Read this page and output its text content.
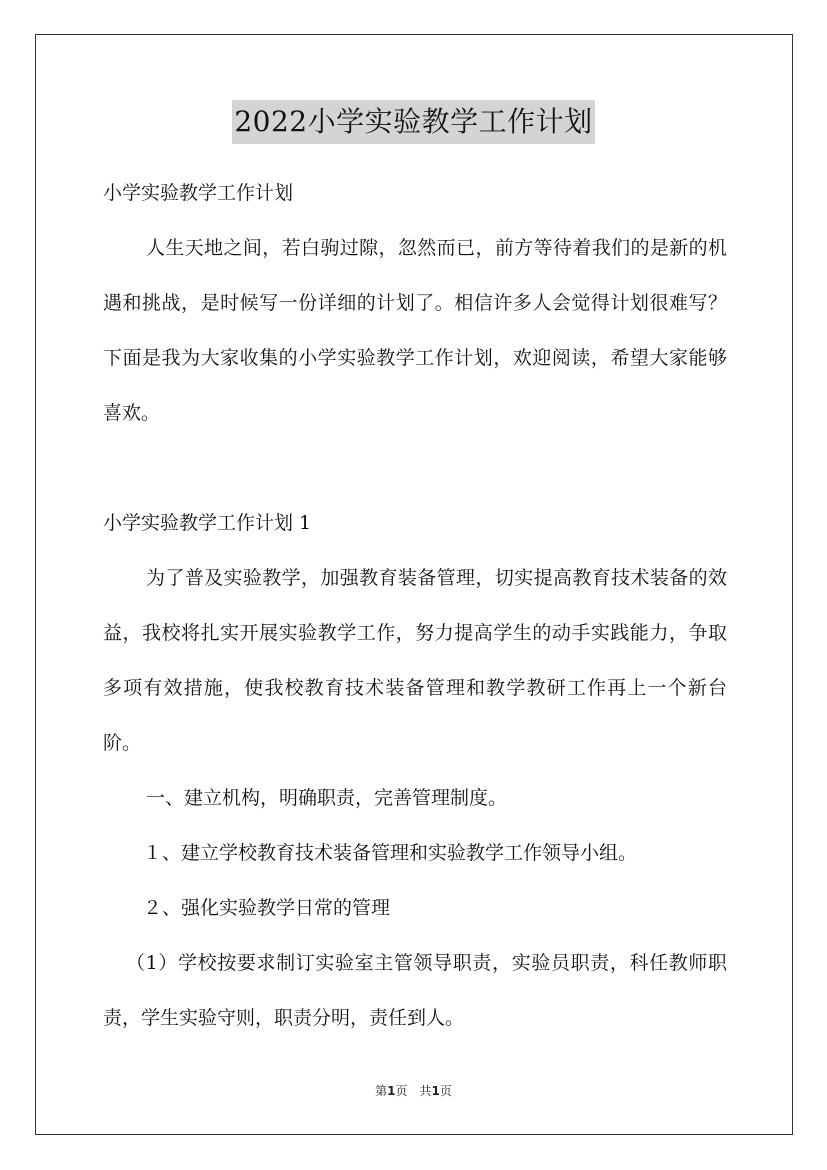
2022小学实验教学工作计划

小学实验教学工作计划

人生天地之间，若白驹过隙，忽然而已，前方等待着我们的是新的机遇和挑战，是时候写一份详细的计划了。相信许多人会觉得计划很难写？下面是我为大家收集的小学实验教学工作计划，欢迎阅读，希望大家能够喜欢。

小学实验教学工作计划 1

为了普及实验教学，加强教育装备管理，切实提高教育技术装备的效益，我校将扎实开展实验教学工作，努力提高学生的动手实践能力，争取多项有效措施，使我校教育技术装备管理和教学教研工作再上一个新台阶。

一、建立机构，明确职责，完善管理制度。

１、建立学校教育技术装备管理和实验教学工作领导小组。

２、强化实验教学日常的管理

（1）学校按要求制订实验室主管领导职责，实验员职责，科任教师职责，学生实验守则，职责分明，责任到人。

第1页　共1页
